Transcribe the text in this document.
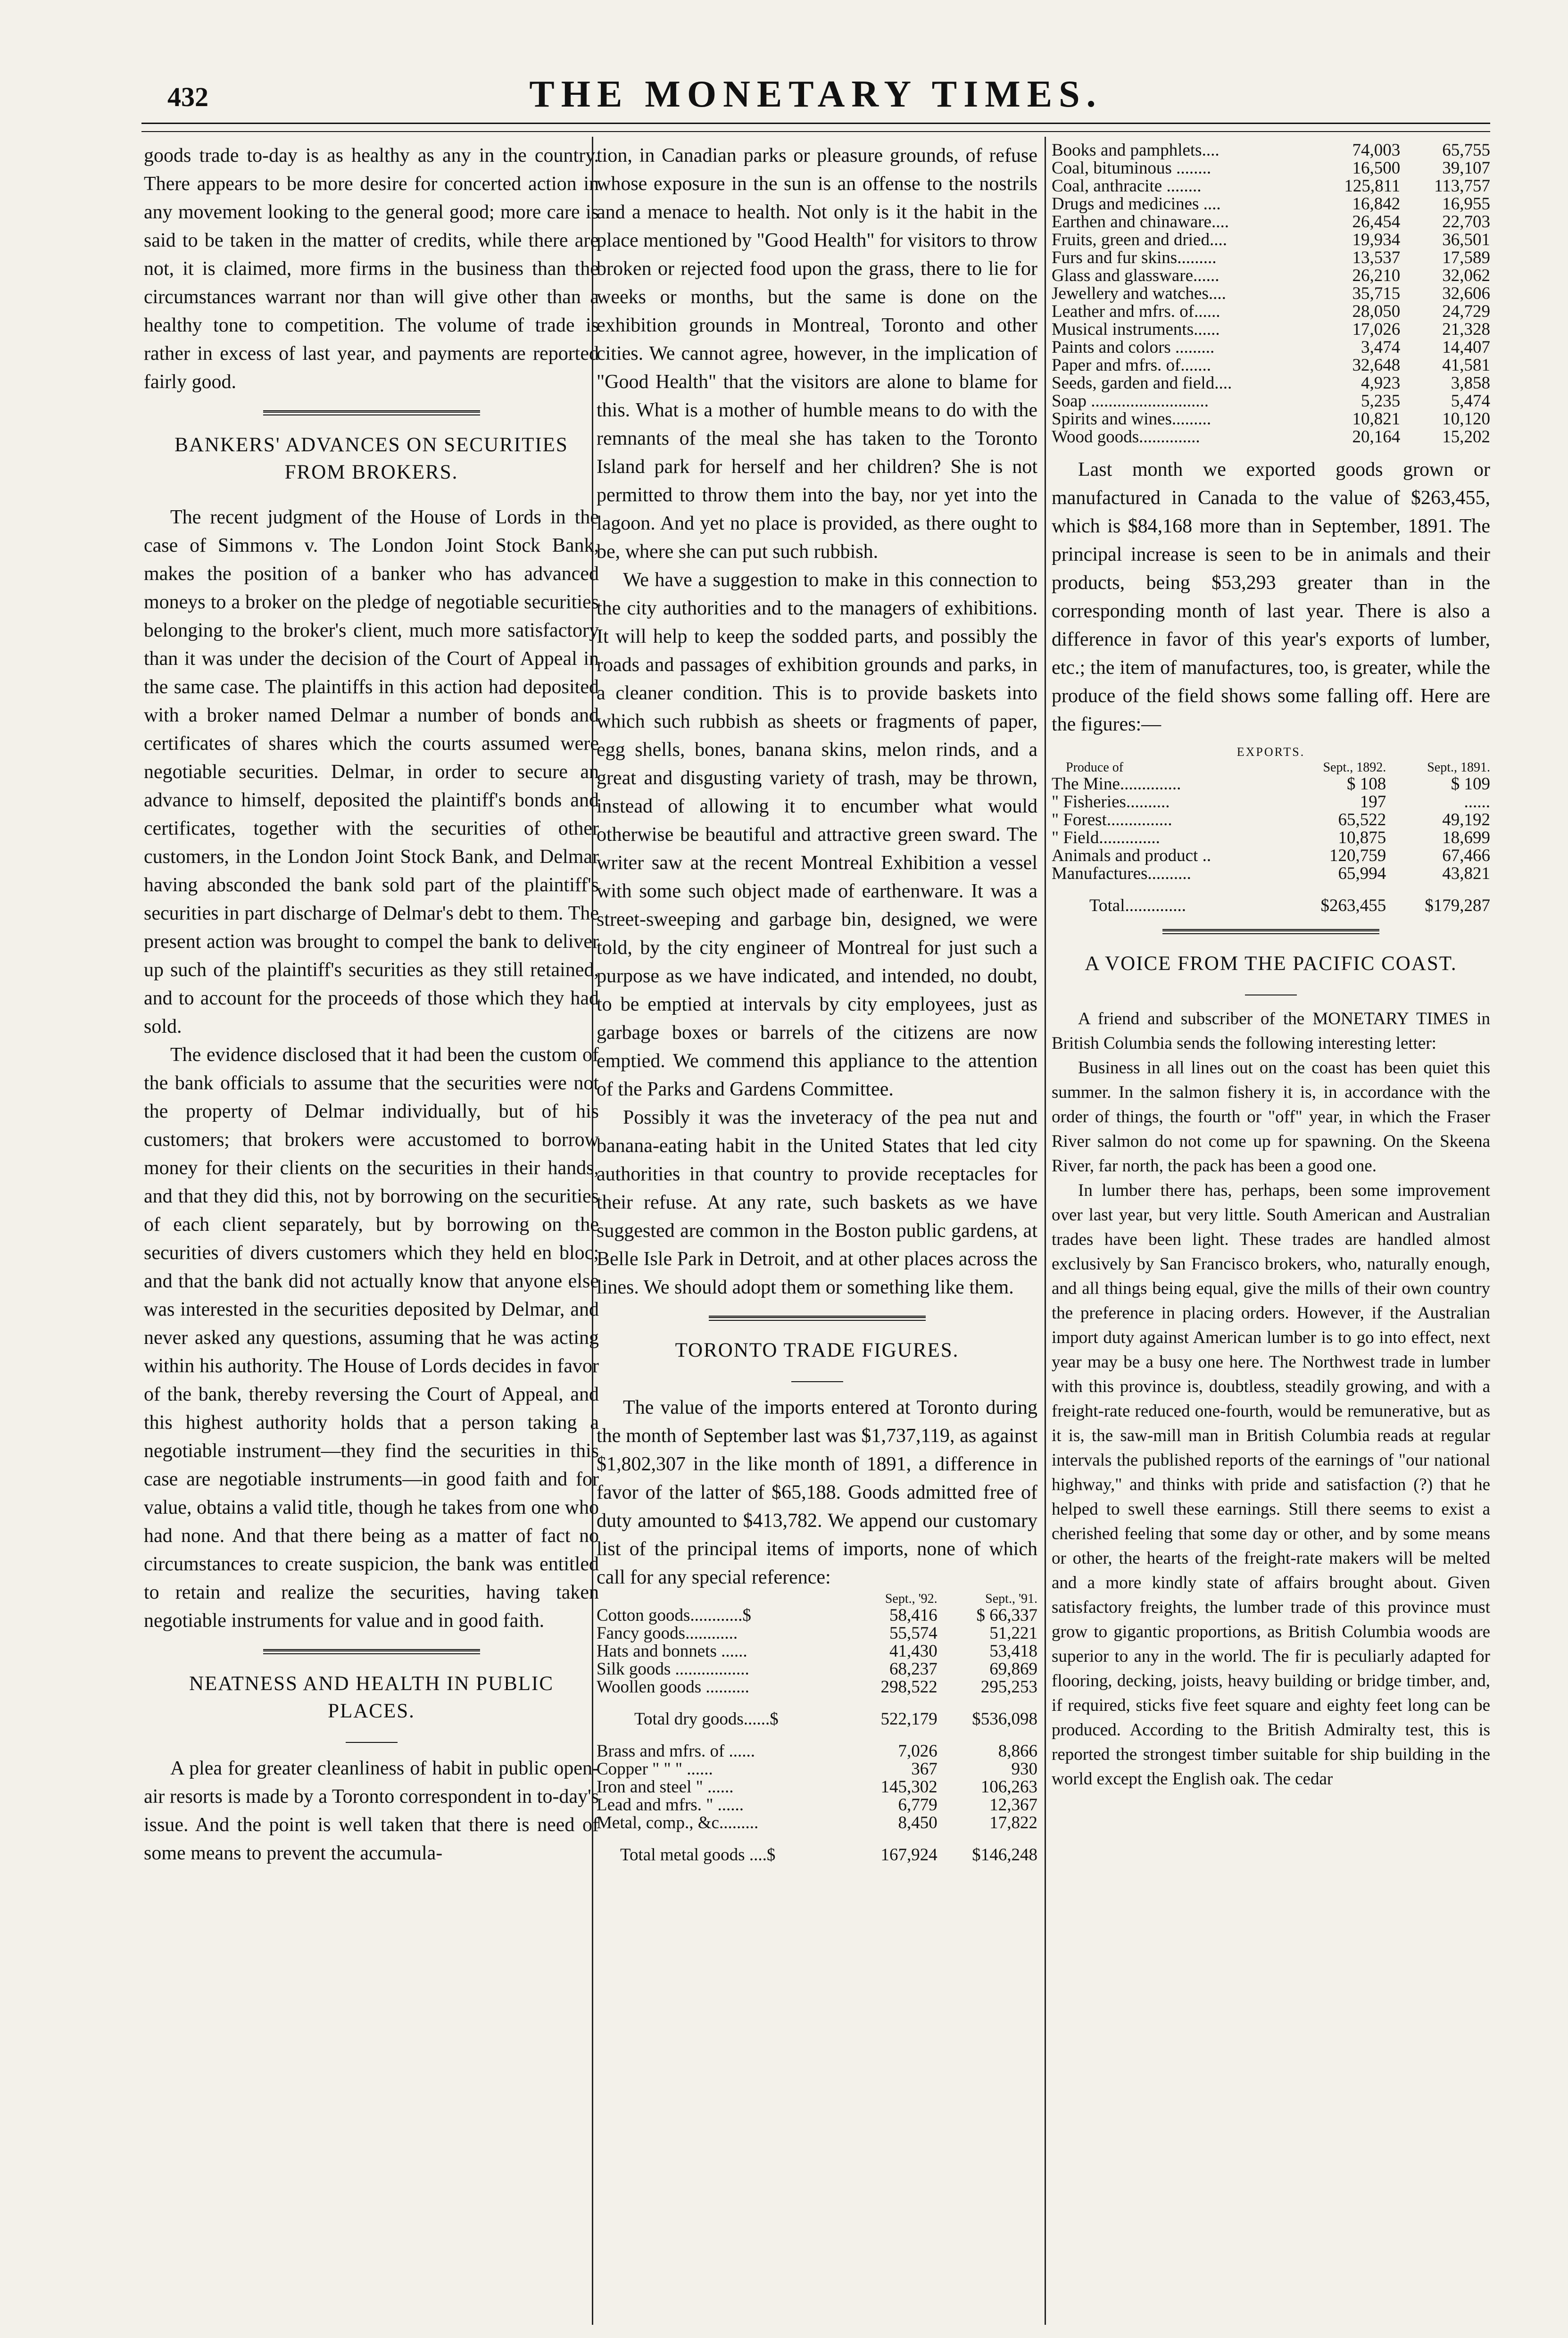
432	THE MONETARY TIMES.

goods trade to-day is as healthy as any in the country. There appears to be more desire for concerted action in any movement looking to the general good; more care is said to be taken in the matter of credits, while there are not, it is claimed, more firms in the business than the circumstances warrant nor than will give other than a healthy tone to competition. The volume of trade is rather in excess of last year, and payments are reported fairly good.

BANKERS' ADVANCES ON SECURITIES FROM BROKERS.

The recent judgment of the House of Lords in the case of Simmons v. The London Joint Stock Bank, makes the position of a banker who has advanced moneys to a broker on the pledge of negotiable securities belonging to the broker's client, much more satisfactory than it was under the decision of the Court of Appeal in the same case. The plaintiffs in this action had deposited with a broker named Delmar a number of bonds and certificates of shares which the courts assumed were negotiable securities. Delmar, in order to secure an advance to himself, deposited the plaintiff's bonds and certificates, together with the securities of other customers, in the London Joint Stock Bank, and Delmar having absconded the bank sold part of the plaintiff's securities in part discharge of Delmar's debt to them. The present action was brought to compel the bank to deliver up such of the plaintiff's securities as they still retained, and to account for the proceeds of those which they had sold.

The evidence disclosed that it had been the custom of the bank officials to assume that the securities were not the property of Delmar individually, but of his customers; that brokers were accustomed to borrow money for their clients on the securities in their hands, and that they did this, not by borrowing on the securities of each client separately, but by borrowing on the securities of divers customers which they held en bloc; and that the bank did not actually know that anyone else was interested in the securities deposited by Delmar, and never asked any questions, assuming that he was acting within his authority. The House of Lords decides in favor of the bank, thereby reversing the Court of Appeal, and this highest authority holds that a person taking a negotiable instrument—they find the securities in this case are negotiable instruments—in good faith and for value, obtains a valid title, though he takes from one who had none. And that there being as a matter of fact no circumstances to create suspicion, the bank was entitled to retain and realize the securities, having taken negotiable instruments for value and in good faith.

NEATNESS AND HEALTH IN PUBLIC PLACES.

A plea for greater cleanliness of habit in public open-air resorts is made by a Toronto correspondent in to-day's issue. And the point is well taken that there is need of some means to prevent the accumula-

tion, in Canadian parks or pleasure grounds, of refuse whose exposure in the sun is an offense to the nostrils and a menace to health. Not only is it the habit in the place mentioned by "Good Health" for visitors to throw broken or rejected food upon the grass, there to lie for weeks or months, but the same is done on the exhibition grounds in Montreal, Toronto and other cities. We cannot agree, however, in the implication of "Good Health" that the visitors are alone to blame for this. What is a mother of humble means to do with the remnants of the meal she has taken to the Toronto Island park for herself and her children? She is not permitted to throw them into the bay, nor yet into the lagoon. And yet no place is provided, as there ought to be, where she can put such rubbish.

We have a suggestion to make in this connection to the city authorities and to the managers of exhibitions. It will help to keep the sodded parts, and possibly the roads and passages of exhibition grounds and parks, in a cleaner condition. This is to provide baskets into which such rubbish as sheets or fragments of paper, egg shells, bones, banana skins, melon rinds, and a great and disgusting variety of trash, may be thrown, instead of allowing it to encumber what would otherwise be beautiful and attractive green sward. The writer saw at the recent Montreal Exhibition a vessel with some such object made of earthenware. It was a street-sweeping and garbage bin, designed, we were told, by the city engineer of Montreal for just such a purpose as we have indicated, and intended, no doubt, to be emptied at intervals by city employees, just as garbage boxes or barrels of the citizens are now emptied. We commend this appliance to the attention of the Parks and Gardens Committee.

Possibly it was the inveteracy of the pea nut and banana-eating habit in the United States that led city authorities in that country to provide receptacles for their refuse. At any rate, such baskets as we have suggested are common in the Boston public gardens, at Belle Isle Park in Detroit, and at other places across the lines. We should adopt them or something like them.

TORONTO TRADE FIGURES.

The value of the imports entered at Toronto during the month of September last was $1,737,119, as against $1,802,307 in the like month of 1891, a difference in favor of the latter of $65,188. Goods admitted free of duty amounted to $413,782. We append our customary list of the principal items of imports, none of which call for any special reference:

	Sept., '92.	Sept., '91.
Cotton goods............$	58,416	$ 66,337
Fancy goods............	55,574	51,221
Hats and bonnets ......	41,430	53,418
Silk goods .................	68,237	69,869
Woollen goods ..........	298,522	295,253
Total dry goods......$	522,179	$536,098
Brass and mfrs. of ......	7,026	8,866
Copper " " " ......	367	930
Iron and steel " ......	145,302	106,263
Lead and mfrs. " ......	6,779	12,367
Metal, comp., &c.........	8,450	17,822
Total metal goods ....$	167,924	$146,248
Books and pamphlets....	74,003	65,755
Coal, bituminous ........	16,500	39,107
Coal, anthracite ........	125,811	113,757
Drugs and medicines ....	16,842	16,955
Earthen and chinaware....	26,454	22,703
Fruits, green and dried....	19,934	36,501
Furs and fur skins.........	13,537	17,589
Glass and glassware......	26,210	32,062
Jewellery and watches....	35,715	32,606
Leather and mfrs. of......	28,050	24,729
Musical instruments......	17,026	21,328
Paints and colors .........	3,474	14,407
Paper and mfrs. of.......	32,648	41,581
Seeds, garden and field....	4,923	3,858
Soap ...........................	5,235	5,474
Spirits and wines.........	10,821	10,120
Wood goods..............	20,164	15,202

Last month we exported goods grown or manufactured in Canada to the value of $263,455, which is $84,168 more than in September, 1891. The principal increase is seen to be in animals and their products, being $53,293 greater than in the corresponding month of last year. There is also a difference in favor of this year's exports of lumber, etc.; the item of manufactures, too, is greater, while the produce of the field shows some falling off. Here are the figures:—

EXPORTS.
Produce of	Sept., 1892.	Sept., 1891.
The Mine..............	$ 108	$ 109
" Fisheries..........	197	......
" Forest...............	65,522	49,192
" Field..............	10,875	18,699
Animals and product ..	120,759	67,466
Manufactures..........	65,994	43,821
Total..............	$263,455	$179,287
A VOICE FROM THE PACIFIC COAST.

A friend and subscriber of the MONETARY TIMES in British Columbia sends the following interesting letter:

Business in all lines out on the coast has been quiet this summer. In the salmon fishery it is, in accordance with the order of things, the fourth or "off" year, in which the Fraser River salmon do not come up for spawning. On the Skeena River, far north, the pack has been a good one.

In lumber there has, perhaps, been some improvement over last year, but very little. South American and Australian trades have been light. These trades are handled almost exclusively by San Francisco brokers, who, naturally enough, and all things being equal, give the mills of their own country the preference in placing orders. However, if the Australian import duty against American lumber is to go into effect, next year may be a busy one here. The Northwest trade in lumber with this province is, doubtless, steadily growing, and with a freight-rate reduced one-fourth, would be remunerative, but as it is, the saw-mill man in British Columbia reads at regular intervals the published reports of the earnings of "our national highway," and thinks with pride and satisfaction (?) that he helped to swell these earnings. Still there seems to exist a cherished feeling that some day or other, and by some means or other, the hearts of the freight-rate makers will be melted and a more kindly state of affairs brought about. Given satisfactory freights, the lumber trade of this province must grow to gigantic proportions, as British Columbia woods are superior to any in the world. The fir is peculiarly adapted for flooring, decking, joists, heavy building or bridge timber, and, if required, sticks five feet square and eighty feet long can be produced. According to the British Admiralty test, this is reported the strongest timber suitable for ship building in the world except the English oak. The cedar
